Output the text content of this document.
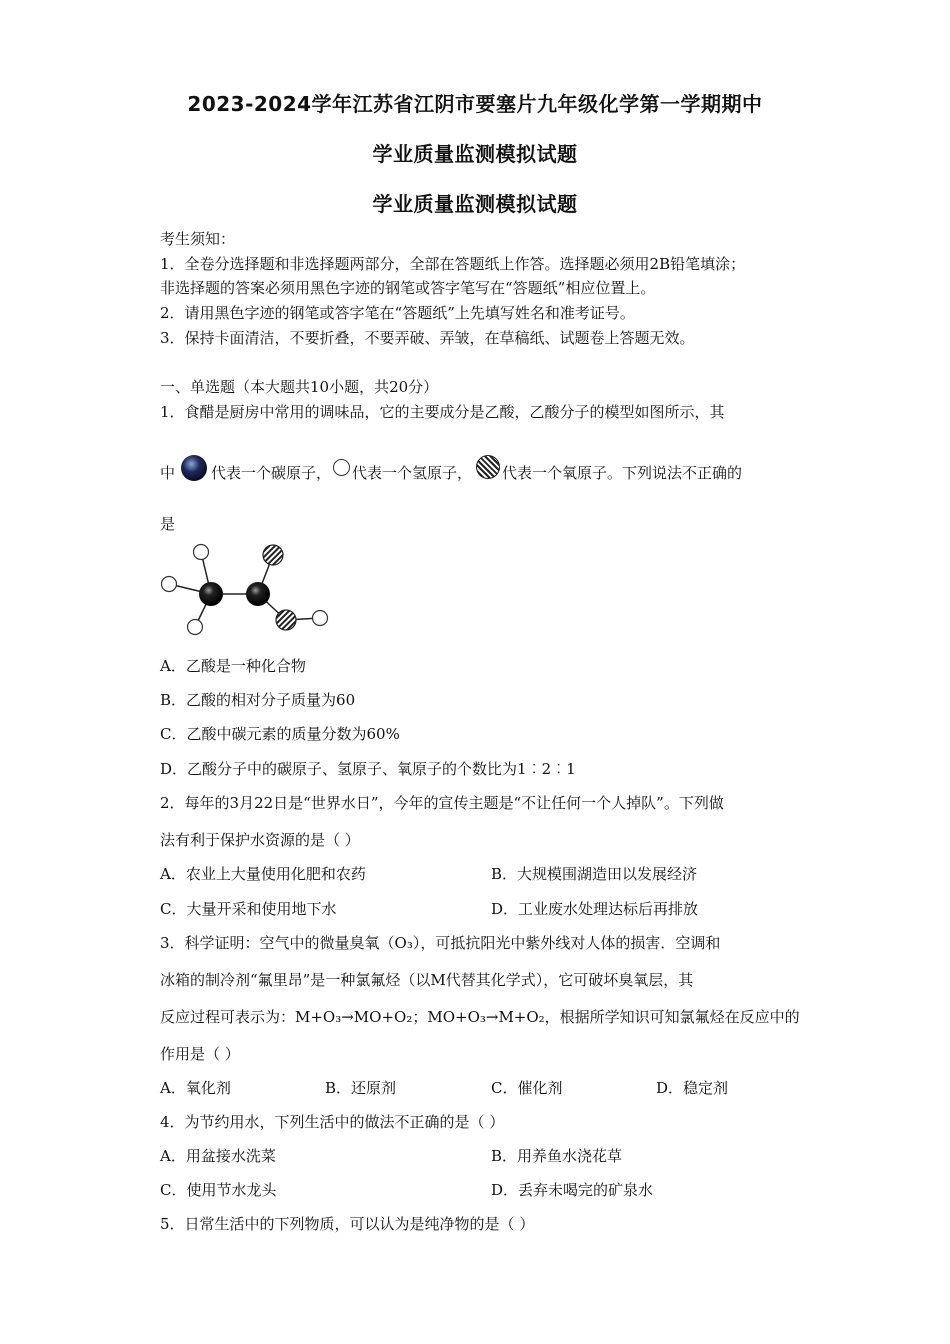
2023-2024学年江苏省江阴市要塞片九年级化学第一学期期中
学业质量监测模拟试题
学业质量监测模拟试题
考生须知：
1．全卷分选择题和非选择题两部分，全部在答题纸上作答。选择题必须用2B铅笔填涂；
非选择题的答案必须用黑色字迹的钢笔或答字笔写在“答题纸”相应位置上。
2．请用黑色字迹的钢笔或答字笔在“答题纸”上先填写姓名和准考证号。
3．保持卡面清洁，不要折叠，不要弄破、弄皱，在草稿纸、试题卷上答题无效。
一、单选题（本大题共10小题，共20分）
1．食醋是厨房中常用的调味品，它的主要成分是乙酸，乙酸分子的模型如图所示，其
中 代表一个碳原子， 代表一个氢原子， 代表一个氧原子。下列说法不正确的
是
A．乙酸是一种化合物
B．乙酸的相对分子质量为60
C．乙酸中碳元素的质量分数为60%
D．乙酸分子中的碳原子、氢原子、氧原子的个数比为1︰2︰1
2．每年的3月22日是“世界水日”，今年的宣传主题是“不让任何一个人掉队”。下列做
法有利于保护水资源的是（ ）
A．农业上大量使用化肥和农药	B．大规模围湖造田以发展经济
C．大量开采和使用地下水	D．工业废水处理达标后再排放
3．科学证明：空气中的微量臭氧（O₃），可抵抗阳光中紫外线对人体的损害．空调和
冰箱的制冷剂“氟里昂”是一种氯氟烃（以M代替其化学式），它可破坏臭氧层，其
反应过程可表示为：M+O₃→MO+O₂；MO+O₃→M+O₂，根据所学知识可知氯氟烃在反应中的
作用是（ ）
A．氧化剂	B．还原剂	C．催化剂	D．稳定剂
4．为节约用水，下列生活中的做法不正确的是（ ）
A．用盆接水洗菜	B．用养鱼水浇花草
C．使用节水龙头	D．丢弃未喝完的矿泉水
5．日常生活中的下列物质，可以认为是纯净物的是（ ）
